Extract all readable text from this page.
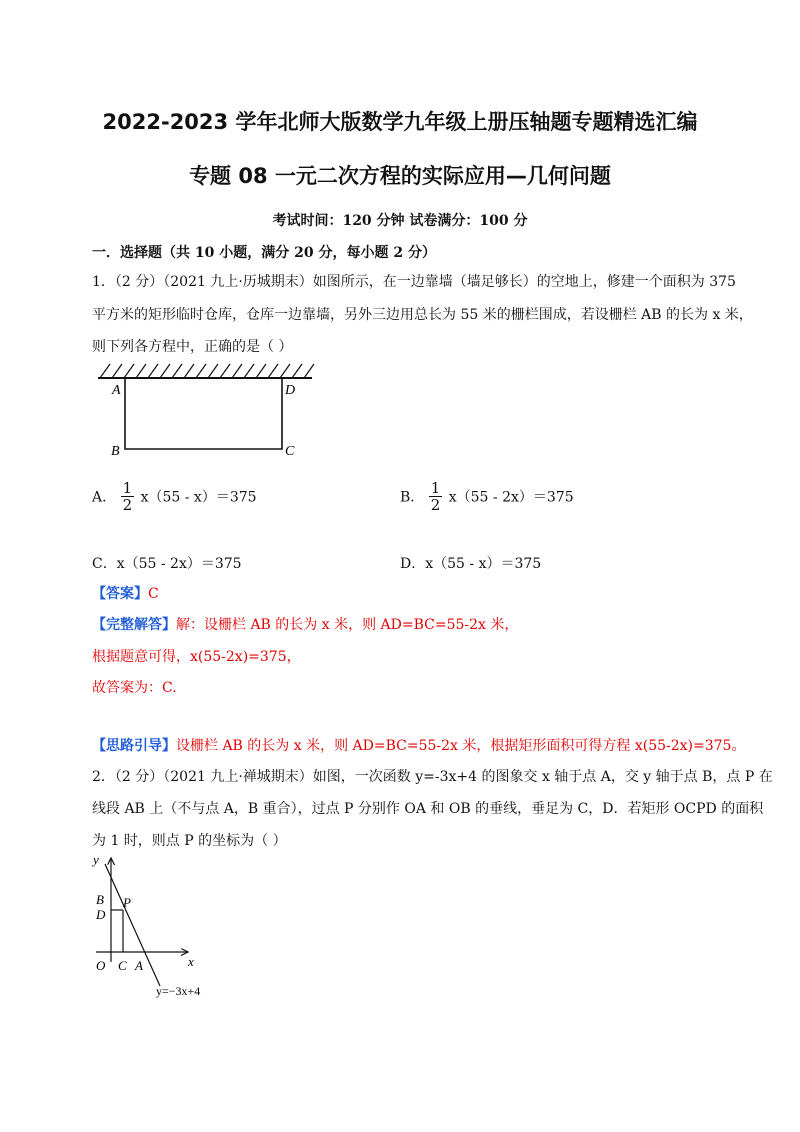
2022-2023 学年北师大版数学九年级上册压轴题专题精选汇编
专题 08 一元二次方程的实际应用—几何问题
考试时间：120 分钟 试卷满分：100 分
一．选择题（共 10 小题，满分 20 分，每小题 2 分）
1．（2 分）（2021 九上·历城期末）如图所示，在一边靠墙（墙足够长）的空地上，修建一个面积为 375
平方米的矩形临时仓库，仓库一边靠墙，另外三边用总长为 55 米的栅栏围成，若设栅栏 AB 的长为 x 米，
则下列各方程中，正确的是（ ）
A
B	C
D
A． $\frac{1}{2} x(55 - x)=375$	B． $\frac{1}{2} x(55 - 2x)=375$
C．x（55 - 2x）＝375	D．x（55 - x）＝375
【答案】C
【完整解答】解：设栅栏 AB 的长为 x 米，则 AD=BC=55-2x 米，
根据题意可得，x(55-2x)=375，
故答案为：C.
【思路引导】设栅栏 AB 的长为 x 米，则 AD=BC=55-2x 米，根据矩形面积可得方程 x(55-2x)=375。
2．（2 分）（2021 九上·禅城期末）如图，一次函数 y=-3x+4 的图象交 x 轴于点 A，交 y 轴于点 B，点 P 在
线段 AB 上（不与点 A，B 重合），过点 P 分别作 OA 和 OB 的垂线，垂足为 C，D．若矩形 OCPD 的面积
为 1 时，则点 P 的坐标为（ ）
y
x
O C A
B
D
P
y=−3x+4
